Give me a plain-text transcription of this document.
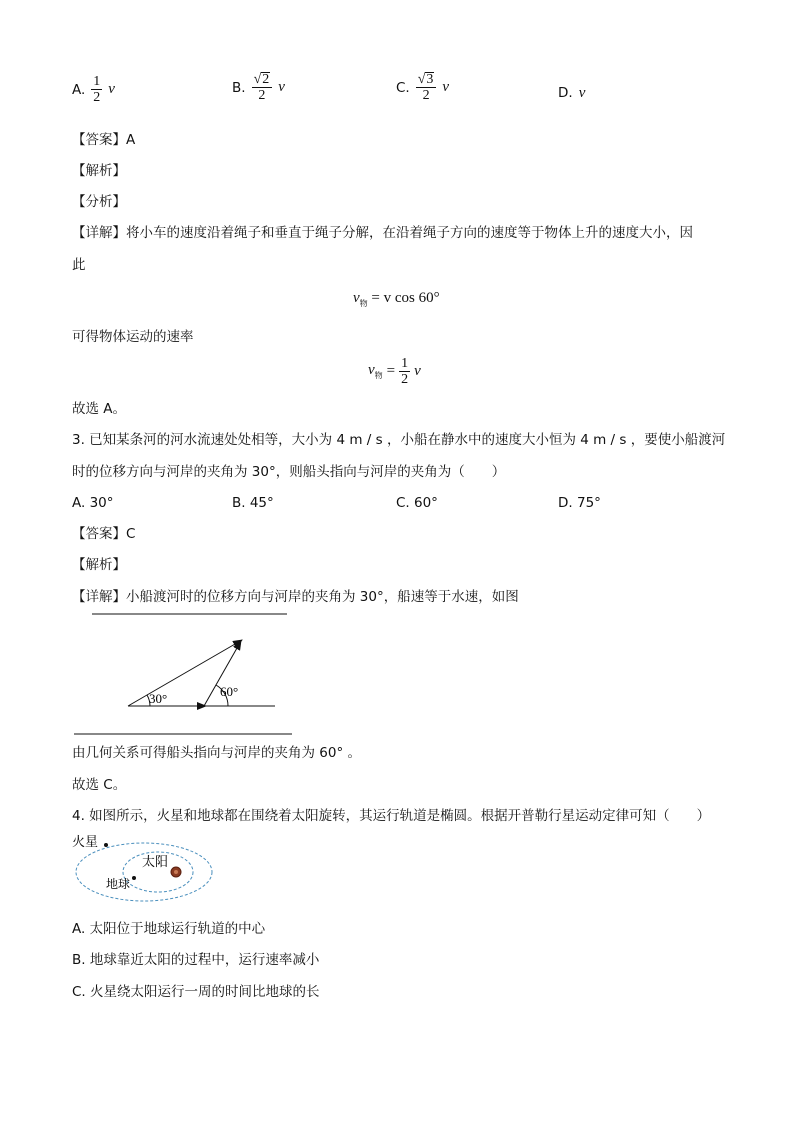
A. $\frac{1}{2}$ v	B. $\frac{√ 2}{2}$ v	C. $\frac{√ 3}{2}$ v	D. v
【答案】A
【解析】
【分析】
【详解】将小车的速度沿着绳子和垂直于绳子分解，在沿着绳子方向的速度等于物体上升的速度大小，因
此
$v_物 = v$ cos 60°
可得物体运动的速率
$v_物 = \frac{1}{2}$ v
故选 A。
3. 已知某条河的河水流速处处相等，大小为 4 m / s ，小船在静水中的速度大小恒为 4 m / s ，要使小船渡河
时的位移方向与河岸的夹角为 30°，则船头指向与河岸的夹角为（　　）
A. 30°	B. 45°	C. 60°	D. 75°
【答案】C
【解析】
【详解】小船渡河时的位移方向与河岸的夹角为 30°，船速等于水速，如图
30°	60°
由几何关系可得船头指向与河岸的夹角为 60° 。
故选 C。
4. 如图所示，火星和地球都在围绕着太阳旋转，其运行轨道是椭圆。根据开普勒行星运动定律可知（　　）
火星
太阳
地球
A. 太阳位于地球运行轨道的中心
B. 地球靠近太阳的过程中，运行速率减小
C. 火星绕太阳运行一周的时间比地球的长
